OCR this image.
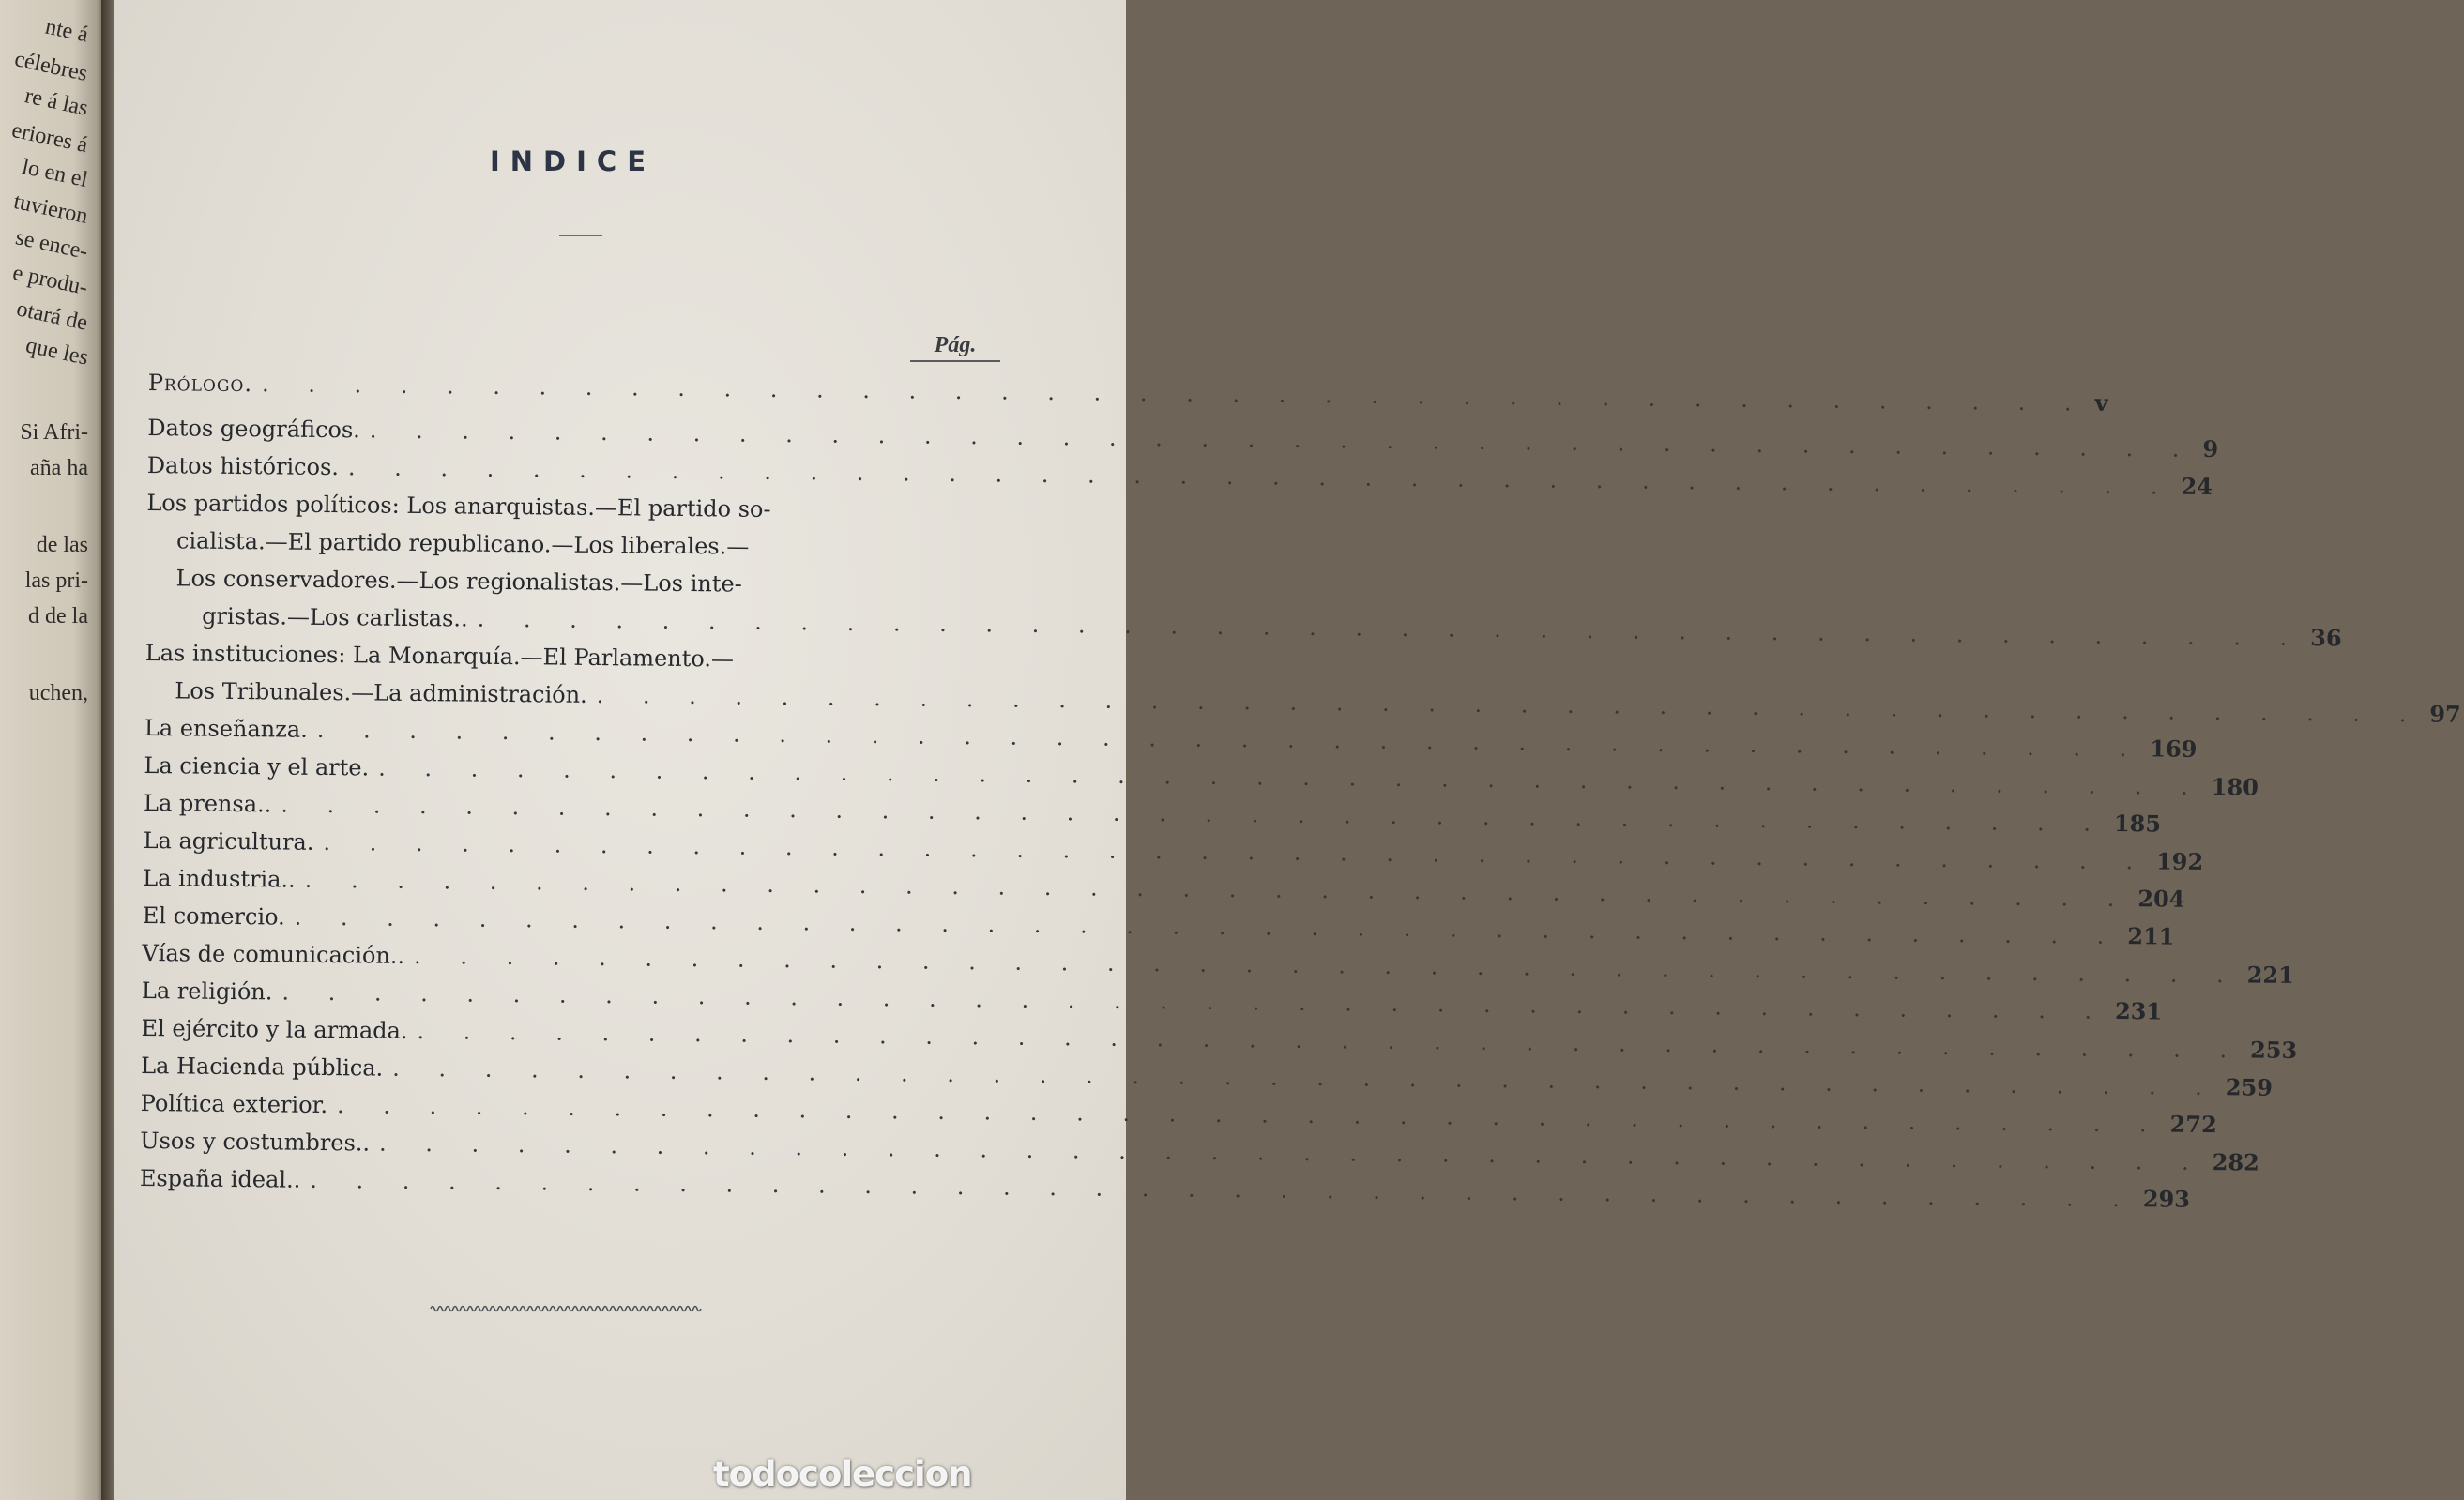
nte á
célebres
re á las
eriores á
lo en el
tuvieron
se ence-
e produ-
otará de
que les
Si Afri-
aña ha
de las
las pri-
d de la
uchen,
INDICE
Pág.
Prólogo. . . . . . . . . . . . . . . . . . . . . . . . . . . . . . . . . . . . . . . . . v
Datos geográficos. . . . . . . . . . . . . . . . . . . . . . . . . . . . . . . . . . . . . . . . . 9
Datos históricos. . . . . . . . . . . . . . . . . . . . . . . . . . . . . . . . . . . . . . . . . 24
Los partidos políticos: Los anarquistas.—El partido so-
cialista.—El partido republicano.—Los liberales.—
Los conservadores.—Los regionalistas.—Los inte-
gristas.—Los carlistas.. . . . . . . . . . . . . . . . . . . . . . . . . . . . . . . . . . . . . . . . . 36
Las instituciones: La Monarquía.—El Parlamento.—
Los Tribunales.—La administración. . . . . . . . . . . . . . . . . . . . . . . . . . . . . . . . . . . . . . . . . 97
La enseñanza. . . . . . . . . . . . . . . . . . . . . . . . . . . . . . . . . . . . . . . . . 169
La ciencia y el arte. . . . . . . . . . . . . . . . . . . . . . . . . . . . . . . . . . . . . . . . . 180
La prensa.. . . . . . . . . . . . . . . . . . . . . . . . . . . . . . . . . . . . . . . . . 185
La agricultura. . . . . . . . . . . . . . . . . . . . . . . . . . . . . . . . . . . . . . . . . 192
La industria.. . . . . . . . . . . . . . . . . . . . . . . . . . . . . . . . . . . . . . . . . 204
El comercio. . . . . . . . . . . . . . . . . . . . . . . . . . . . . . . . . . . . . . . . . 211
Vías de comunicación.. . . . . . . . . . . . . . . . . . . . . . . . . . . . . . . . . . . . . . . . . 221
La religión. . . . . . . . . . . . . . . . . . . . . . . . . . . . . . . . . . . . . . . . . 231
El ejército y la armada. . . . . . . . . . . . . . . . . . . . . . . . . . . . . . . . . . . . . . . . . 253
La Hacienda pública. . . . . . . . . . . . . . . . . . . . . . . . . . . . . . . . . . . . . . . . . 259
Política exterior. . . . . . . . . . . . . . . . . . . . . . . . . . . . . . . . . . . . . . . . . 272
Usos y costumbres.. . . . . . . . . . . . . . . . . . . . . . . . . . . . . . . . . . . . . . . . . 282
España ideal.. . . . . . . . . . . . . . . . . . . . . . . . . . . . . . . . . . . . . . . . . 293
todocoleccion
